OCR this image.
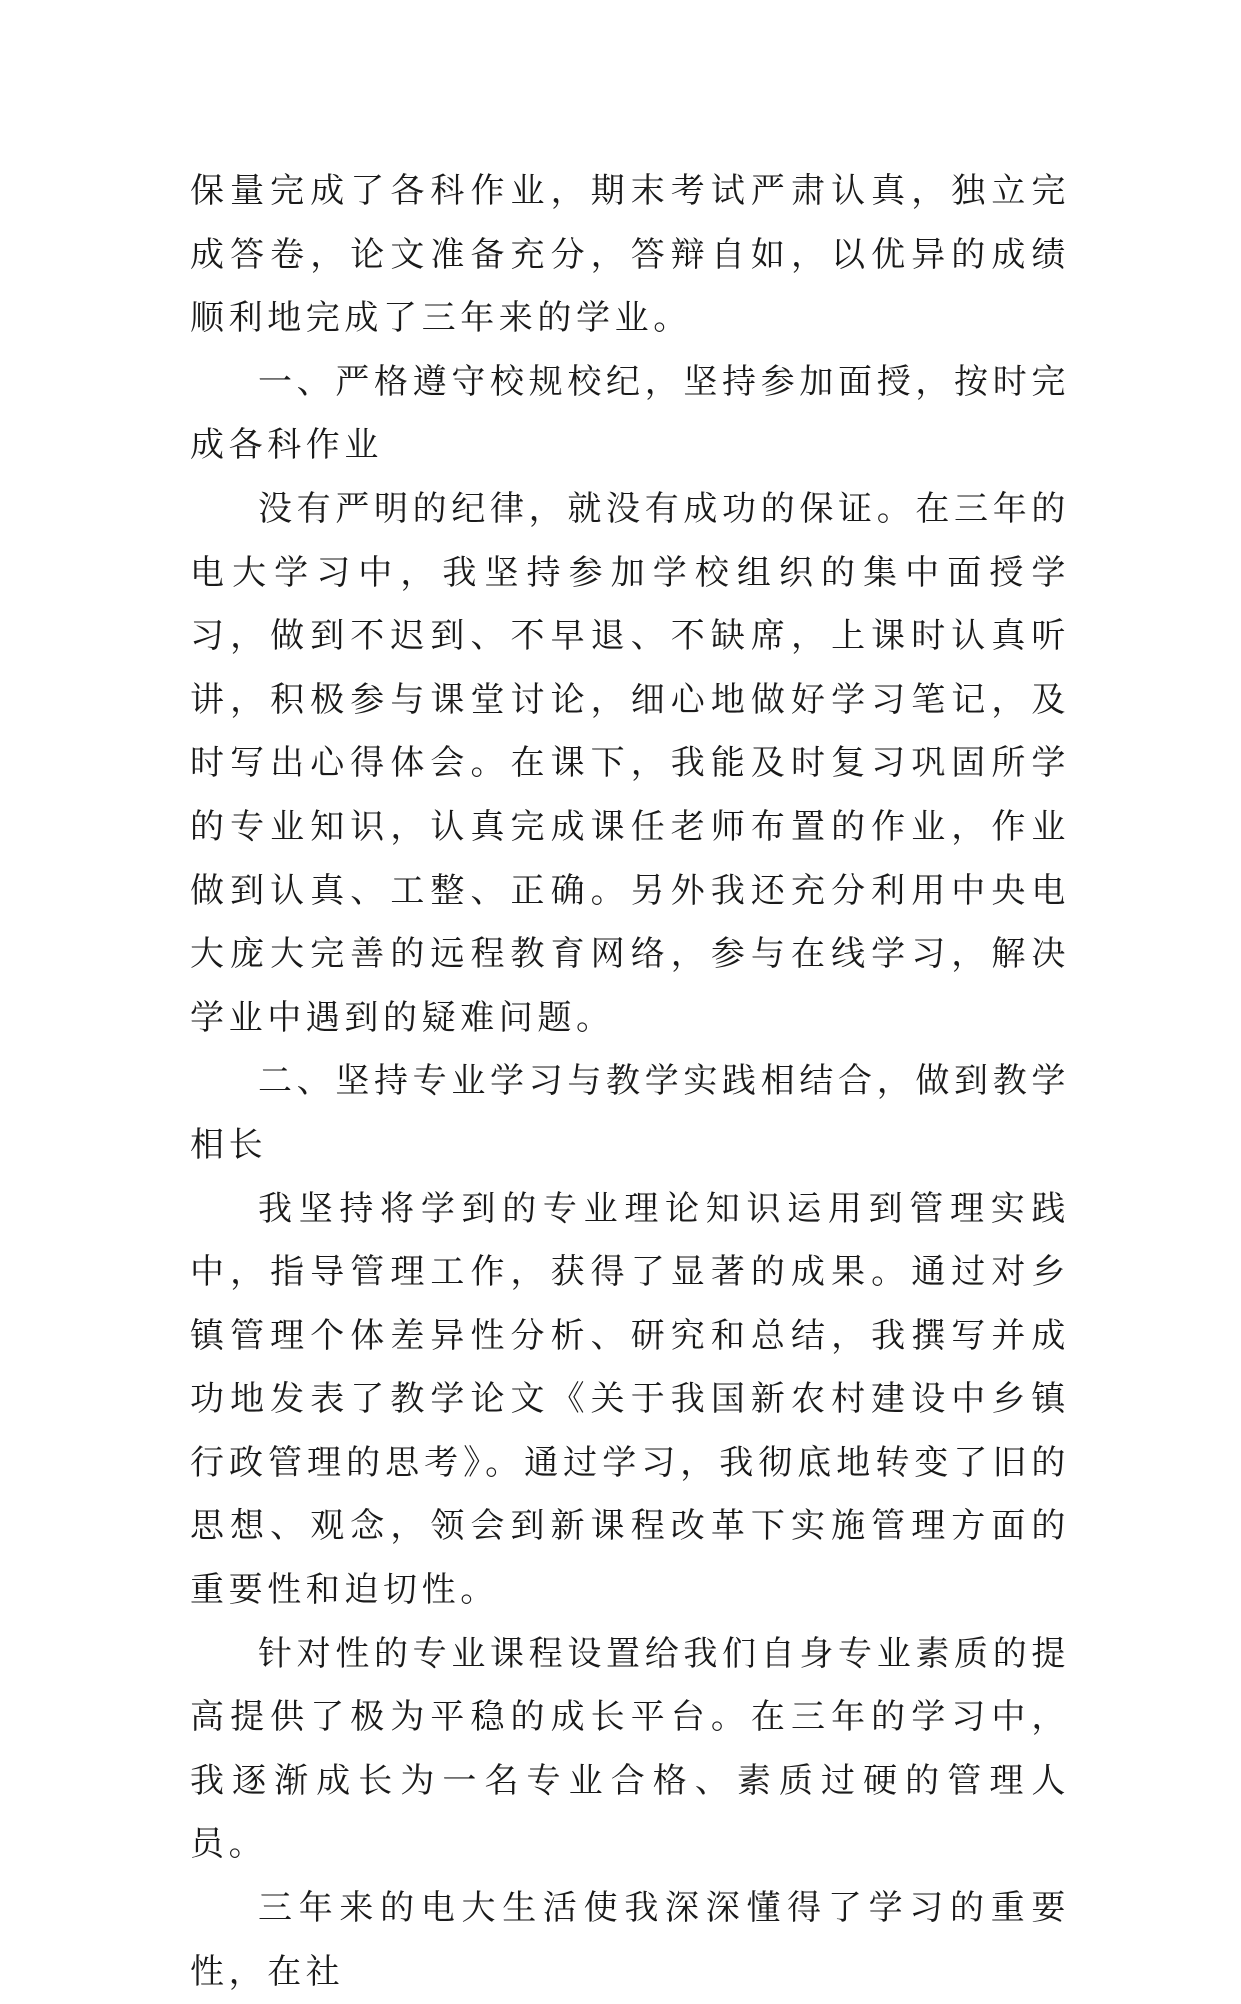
保量完成了各科作业，期末考试严肃认真，独立完成答卷，论文准备充分，答辩自如，以优异的成绩顺利地完成了三年来的学业。

一、严格遵守校规校纪，坚持参加面授，按时完成各科作业

没有严明的纪律，就没有成功的保证。在三年的电大学习中，我坚持参加学校组织的集中面授学习，做到不迟到、不早退、不缺席，上课时认真听讲，积极参与课堂讨论，细心地做好学习笔记，及时写出心得体会。在课下，我能及时复习巩固所学的专业知识，认真完成课任老师布置的作业，作业做到认真、工整、正确。另外我还充分利用中央电大庞大完善的远程教育网络，参与在线学习，解决学业中遇到的疑难问题。

二、坚持专业学习与教学实践相结合，做到教学相长

我坚持将学到的专业理论知识运用到管理实践中，指导管理工作，获得了显著的成果。通过对乡镇管理个体差异性分析、研究和总结，我撰写并成功地发表了教学论文《关于我国新农村建设中乡镇行政管理的思考》。通过学习，我彻底地转变了旧的思想、观念，领会到新课程改革下实施管理方面的重要性和迫切性。

针对性的专业课程设置给我们自身专业素质的提高提供了极为平稳的成长平台。在三年的学习中，我逐渐成长为一名专业合格、素质过硬的管理人员。

三年来的电大生活使我深深懂得了学习的重要性，在社
